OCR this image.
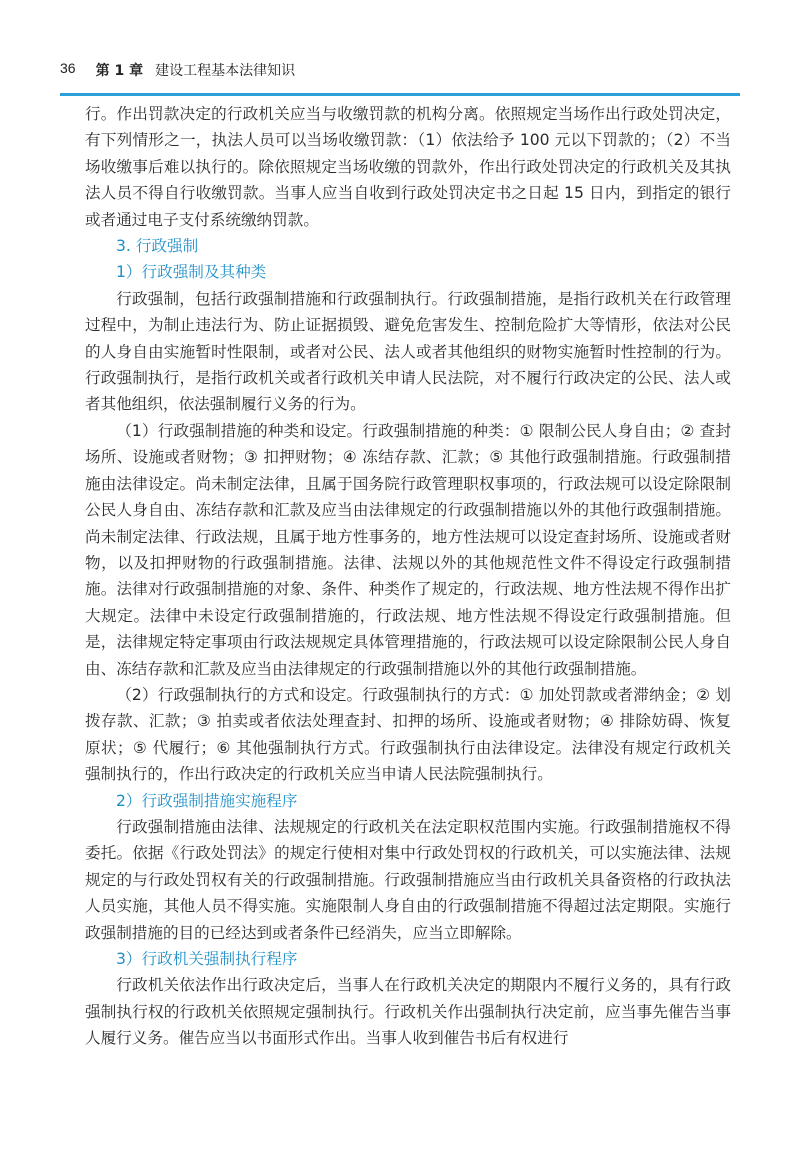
36 第 1 章 建设工程基本法律知识

行。作出罚款决定的行政机关应当与收缴罚款的机构分离。依照规定当场作出行政处罚决定，有下列情形之一，执法人员可以当场收缴罚款：（1）依法给予 100 元以下罚款的；（2）不当场收缴事后难以执行的。除依照规定当场收缴的罚款外，作出行政处罚决定的行政机关及其执法人员不得自行收缴罚款。当事人应当自收到行政处罚决定书之日起 15 日内，到指定的银行或者通过电子支付系统缴纳罚款。

3. 行政强制
1）行政强制及其种类

行政强制，包括行政强制措施和行政强制执行。行政强制措施，是指行政机关在行政管理过程中，为制止违法行为、防止证据损毁、避免危害发生、控制危险扩大等情形，依法对公民的人身自由实施暂时性限制，或者对公民、法人或者其他组织的财物实施暂时性控制的行为。行政强制执行，是指行政机关或者行政机关申请人民法院，对不履行行政决定的公民、法人或者其他组织，依法强制履行义务的行为。

（1）行政强制措施的种类和设定。行政强制措施的种类：① 限制公民人身自由；② 查封场所、设施或者财物；③ 扣押财物；④ 冻结存款、汇款；⑤ 其他行政强制措施。行政强制措施由法律设定。尚未制定法律，且属于国务院行政管理职权事项的，行政法规可以设定除限制公民人身自由、冻结存款和汇款及应当由法律规定的行政强制措施以外的其他行政强制措施。尚未制定法律、行政法规，且属于地方性事务的，地方性法规可以设定查封场所、设施或者财物，以及扣押财物的行政强制措施。法律、法规以外的其他规范性文件不得设定行政强制措施。法律对行政强制措施的对象、条件、种类作了规定的，行政法规、地方性法规不得作出扩大规定。法律中未设定行政强制措施的，行政法规、地方性法规不得设定行政强制措施。但是，法律规定特定事项由行政法规规定具体管理措施的，行政法规可以设定除限制公民人身自由、冻结存款和汇款及应当由法律规定的行政强制措施以外的其他行政强制措施。

（2）行政强制执行的方式和设定。行政强制执行的方式：① 加处罚款或者滞纳金；② 划拨存款、汇款；③ 拍卖或者依法处理查封、扣押的场所、设施或者财物；④ 排除妨碍、恢复原状；⑤ 代履行；⑥ 其他强制执行方式。行政强制执行由法律设定。法律没有规定行政机关强制执行的，作出行政决定的行政机关应当申请人民法院强制执行。

2）行政强制措施实施程序

行政强制措施由法律、法规规定的行政机关在法定职权范围内实施。行政强制措施权不得委托。依据《行政处罚法》的规定行使相对集中行政处罚权的行政机关，可以实施法律、法规规定的与行政处罚权有关的行政强制措施。行政强制措施应当由行政机关具备资格的行政执法人员实施，其他人员不得实施。实施限制人身自由的行政强制措施不得超过法定期限。实施行政强制措施的目的已经达到或者条件已经消失，应当立即解除。

3）行政机关强制执行程序

行政机关依法作出行政决定后，当事人在行政机关决定的期限内不履行义务的，具有行政强制执行权的行政机关依照规定强制执行。行政机关作出强制执行决定前，应当事先催告当事人履行义务。催告应当以书面形式作出。当事人收到催告书后有权进行
